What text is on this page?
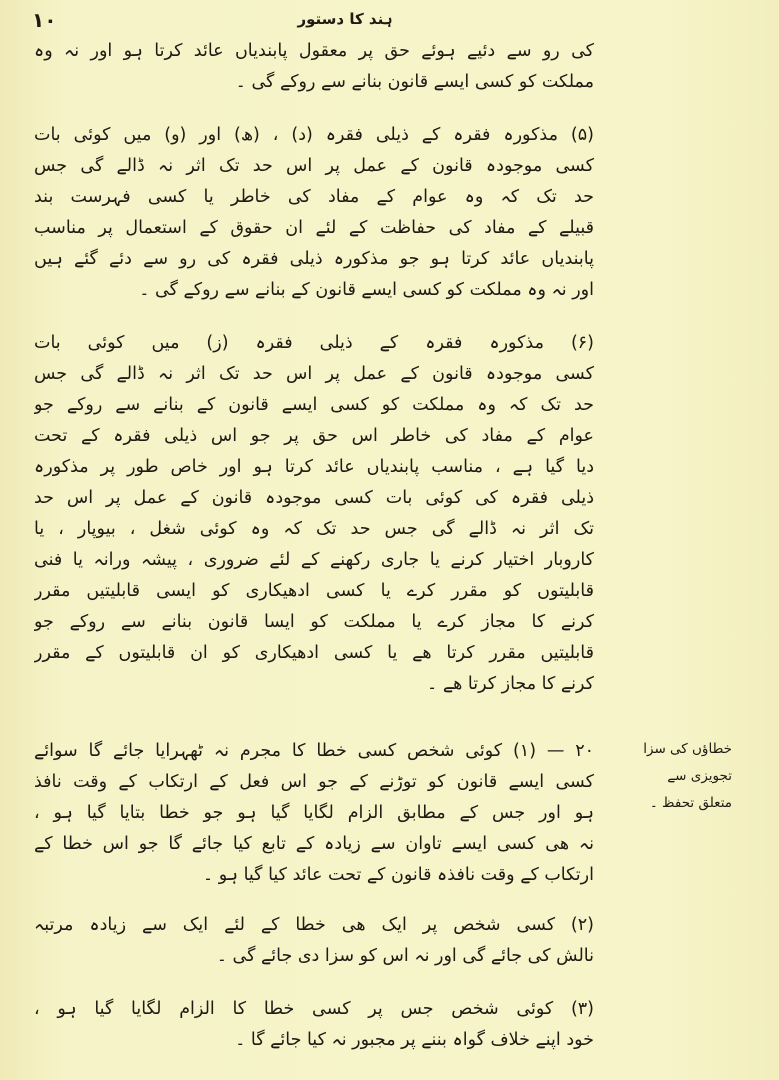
۱۰	ہند کا دستور
کی رو سے دئیے ہوئے حق پر معقول پابندیاں عائد کرتا ہو اور نہ وہ
مملکت کو کسی ایسے قانون بنانے سے روکے گی ۔
(۵) مذکورہ فقرہ کے ذیلی فقرہ (د) ، (ھ) اور (و) میں کوئی بات
کسی موجودہ قانون کے عمل پر اس حد تک اثر نہ ڈالے گی جس
حد تک کہ وہ عوام کے مفاد کی خاطر یا کسی فہرست بند
قبیلے کے مفاد کی حفاظت کے لئے ان حقوق کے استعمال پر مناسب
پابندیاں عائد کرتا ہو جو مذکورہ ذیلی فقرہ کی رو سے دئے گئے ہیں
اور نہ وہ مملکت کو کسی ایسے قانون کے بنانے سے روکے گی ۔
(۶) مذکورہ فقرہ کے ذیلی فقرہ (ز) میں کوئی بات
کسی موجودہ قانون کے عمل پر اس حد تک اثر نہ ڈالے گی جس
حد تک کہ وہ مملکت کو کسی ایسے قانون کے بنانے سے روکے جو
عوام کے مفاد کی خاطر اس حق پر جو اس ذیلی فقرہ کے تحت
دیا گیا ہے ، مناسب پابندیاں عائد کرتا ہو اور خاص طور پر مذکورہ
ذیلی فقرہ کی کوئی بات کسی موجودہ قانون کے عمل پر اس حد
تک اثر نہ ڈالے گی جس حد تک کہ وہ کوئی شغل ، بیوپار ، یا
کاروبار اختیار کرنے یا جاری رکھنے کے لئے ضروری ، پیشہ ورانہ یا فنی
قابلیتوں کو مقرر کرے یا کسی ادھیکاری کو ایسی قابلیتیں مقرر
کرنے کا مجاز کرے یا مملکت کو ایسا قانون بنانے سے روکے جو
قابلیتیں مقرر کرتا ھے یا کسی ادھیکاری کو ان قابلیتوں کے مقرر
کرنے کا مجاز کرتا ھے ۔
۲۰ — (۱) کوئی شخص کسی خطا کا مجرم نہ ٹھہرایا جائے گا سوائے
کسی ایسے قانون کو توڑنے کے جو اس فعل کے ارتکاب کے وقت نافذ
ہو اور جس کے مطابق الزام لگایا گیا ہو جو خطا بتایا گیا ہو ،
نہ ھی کسی ایسے تاوان سے زیادہ کے تابع کیا جائے گا جو اس خطا کے
ارتکاب کے وقت نافذہ قانون کے تحت عائد کیا گیا ہو ۔
(۲) کسی شخص پر ایک ھی خطا کے لئے ایک سے زیادہ مرتبہ
نالش کی جائے گی اور نہ اس کو سزا دی جائے گی ۔
(۳) کوئی شخص جس پر کسی خطا کا الزام لگایا گیا ہو ،
خود اپنے خلاف گواہ بننے پر مجبور نہ کیا جائے گا ۔
خطاؤں کی سزا
تجویزی سے
متعلق تحفظ ۔
